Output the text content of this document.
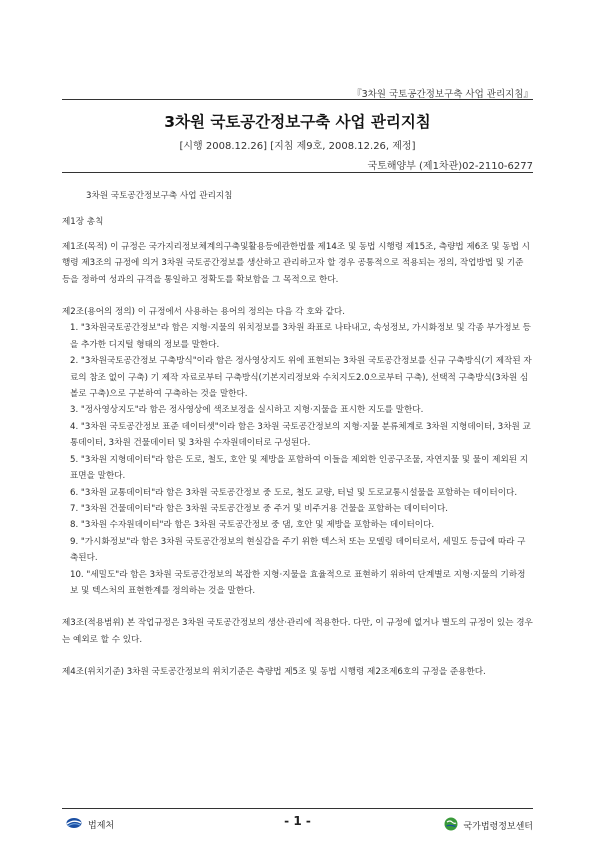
『3차원 국토공간정보구축 사업 관리지침』
3차원 국토공간정보구축 사업 관리지침
[시행 2008.12.26] [지침 제9호, 2008.12.26, 제정]
국토해양부 (제1차관)02-2110-6277

3차원 국토공간정보구축 사업 관리지침

제1장 총칙

제1조(목적) 이 규정은 국가지리정보체계의구축및활용등에관한법률 제14조 및 동법 시행령 제15조, 측량법 제6조 및 동법 시행령 제3조의 규정에 의거 3차원 국토공간정보를 생산하고 관리하고자 할 경우 공통적으로 적용되는 정의, 작업방법 및 기준 등을 정하여 성과의 규격을 통일하고 정확도를 확보함을 그 목적으로 한다.

제2조(용어의 정의) 이 규정에서 사용하는 용어의 정의는 다음 각 호와 같다.

1. "3차원국토공간정보"라 함은 지형·지물의 위치정보를 3차원 좌표로 나타내고, 속성정보, 가시화정보 및 각종 부가정보 등을 추가한 디지털 형태의 정보를 말한다.

2. "3차원국토공간정보 구축방식"이라 함은 정사영상지도 위에 표현되는 3차원 국토공간정보를 신규 구축방식(기 제작된 자료의 참조 없이 구축) 기 제작 자료로부터 구축방식(기본지리정보와 수치지도2.0으로부터 구축), 선택적 구축방식(3차원 심볼로 구축)으로 구분하여 구축하는 것을 말한다.

3. "정사영상지도"라 함은 정사영상에 색조보정을 실시하고 지형·지물을 표시한 지도를 말한다.

4. "3차원 국토공간정보 표준 데이터셋"이라 함은 3차원 국토공간정보의 지형·지물 분류체계로 3차원 지형데이터, 3차원 교통데이터, 3차원 건물데이터 및 3차원 수자원데이터로 구성된다.

5. "3차원 지형데이터"라 함은 도로, 철도, 호안 및 제방을 포함하여 이들을 제외한 인공구조물, 자연지물 및 물이 제외된 지표면을 말한다.

6. "3차원 교통데이터"라 함은 3차원 국토공간정보 중 도로, 철도 교량, 터널 및 도로교통시설물을 포함하는 데이터이다.

7. "3차원 건물데이터"라 함은 3차원 국토공간정보 중 주거 및 비주거용 건물을 포함하는 데이터이다.

8. "3차원 수자원데이터"라 함은 3차원 국토공간정보 중 댐, 호안 및 제방을 포함하는 데이터이다.

9. "가시화정보"라 함은 3차원 국토공간정보의 현실감을 주기 위한 텍스처 또는 모델링 데이터로서, 세밀도 등급에 따라 구축된다.

10. "세밀도"라 함은 3차원 국토공간정보의 복잡한 지형·지물을 효율적으로 표현하기 위하여 단계별로 지형·지물의 기하정보 및 텍스처의 표현한계를 정의하는 것을 말한다.

제3조(적용범위) 본 작업규정은 3차원 국토공간정보의 생산·관리에 적용한다. 다만, 이 규정에 없거나 별도의 규정이 있는 경우는 예외로 할 수 있다.

제4조(위치기준) 3차원 국토공간정보의 위치기준은 측량법 제5조 및 동법 시행령 제2조제6호의 규정을 준용한다.

법제처	- 1 -	국가법령정보센터
